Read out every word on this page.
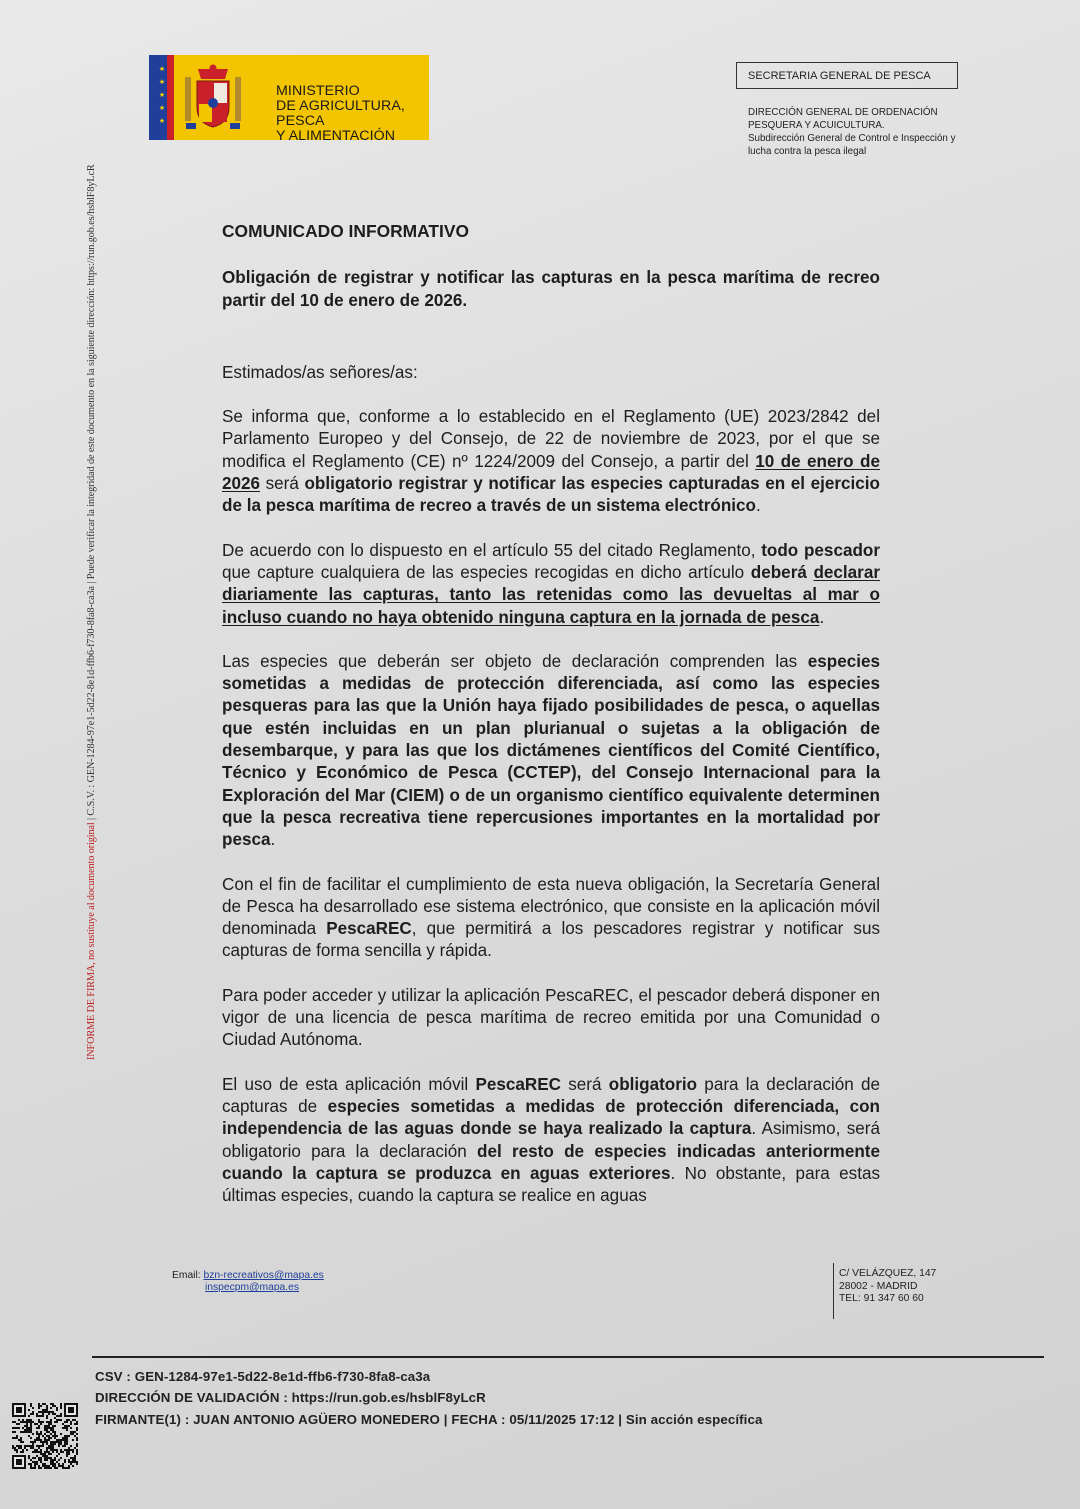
INFORME DE FIRMA, no sustituye al documento original | C.S.V. : GEN-1284-97e1-5d22-8e1d-ffb6-f730-8fa8-ca3a | Puede verificar la integridad de este documento en la siguiente dirección: https://run.gob.es/hsblF8yLcR
★
★
★
★
★
MINISTERIO
DE AGRICULTURA, PESCA
Y ALIMENTACIÓN
SECRETARIA GENERAL DE PESCA
DIRECCIÓN GENERAL DE ORDENACIÓN
PESQUERA Y ACUICULTURA.
Subdirección General de Control e Inspección y
lucha contra la pesca ilegal

COMUNICADO INFORMATIVO

Obligación de registrar y notificar las capturas en la pesca marítima de recreo partir del 10 de enero de 2026.

Estimados/as señores/as:

Se informa que, conforme a lo establecido en el Reglamento (UE) 2023/2842 del Parlamento Europeo y del Consejo, de 22 de noviembre de 2023, por el que se modifica el Reglamento (CE) nº 1224/2009 del Consejo, a partir del 10 de enero de 2026 será obligatorio registrar y notificar las especies capturadas en el ejercicio de la pesca marítima de recreo a través de un sistema electrónico.

De acuerdo con lo dispuesto en el artículo 55 del citado Reglamento, todo pescador que capture cualquiera de las especies recogidas en dicho artículo deberá declarar diariamente las capturas, tanto las retenidas como las devueltas al mar o incluso cuando no haya obtenido ninguna captura en la jornada de pesca.

Las especies que deberán ser objeto de declaración comprenden las especies sometidas a medidas de protección diferenciada, así como las especies pesqueras para las que la Unión haya fijado posibilidades de pesca, o aquellas que estén incluidas en un plan plurianual o sujetas a la obligación de desembarque, y para las que los dictámenes científicos del Comité Científico, Técnico y Económico de Pesca (CCTEP), del Consejo Internacional para la Exploración del Mar (CIEM) o de un organismo científico equivalente determinen que la pesca recreativa tiene repercusiones importantes en la mortalidad por pesca.

Con el fin de facilitar el cumplimiento de esta nueva obligación, la Secretaría General de Pesca ha desarrollado ese sistema electrónico, que consiste en la aplicación móvil denominada PescaREC, que permitirá a los pescadores registrar y notificar sus capturas de forma sencilla y rápida.

Para poder acceder y utilizar la aplicación PescaREC, el pescador deberá disponer en vigor de una licencia de pesca marítima de recreo emitida por una Comunidad o Ciudad Autónoma.

El uso de esta aplicación móvil PescaREC será obligatorio para la declaración de capturas de especies sometidas a medidas de protección diferenciada, con independencia de las aguas donde se haya realizado la captura. Asimismo, será obligatorio para la declaración del resto de especies indicadas anteriormente cuando la captura se produzca en aguas exteriores. No obstante, para estas últimas especies, cuando la captura se realice en aguas

Email: bzn-recreativos@mapa.es
inspecpm@mapa.es
C/ VELÁZQUEZ, 147
28002 - MADRID
TEL: 91 347 60 60
CSV : GEN-1284-97e1-5d22-8e1d-ffb6-f730-8fa8-ca3a
DIRECCIÓN DE VALIDACIÓN : https://run.gob.es/hsblF8yLcR
FIRMANTE(1) : JUAN ANTONIO AGÜERO MONEDERO | FECHA : 05/11/2025 17:12 | Sin acción específica
